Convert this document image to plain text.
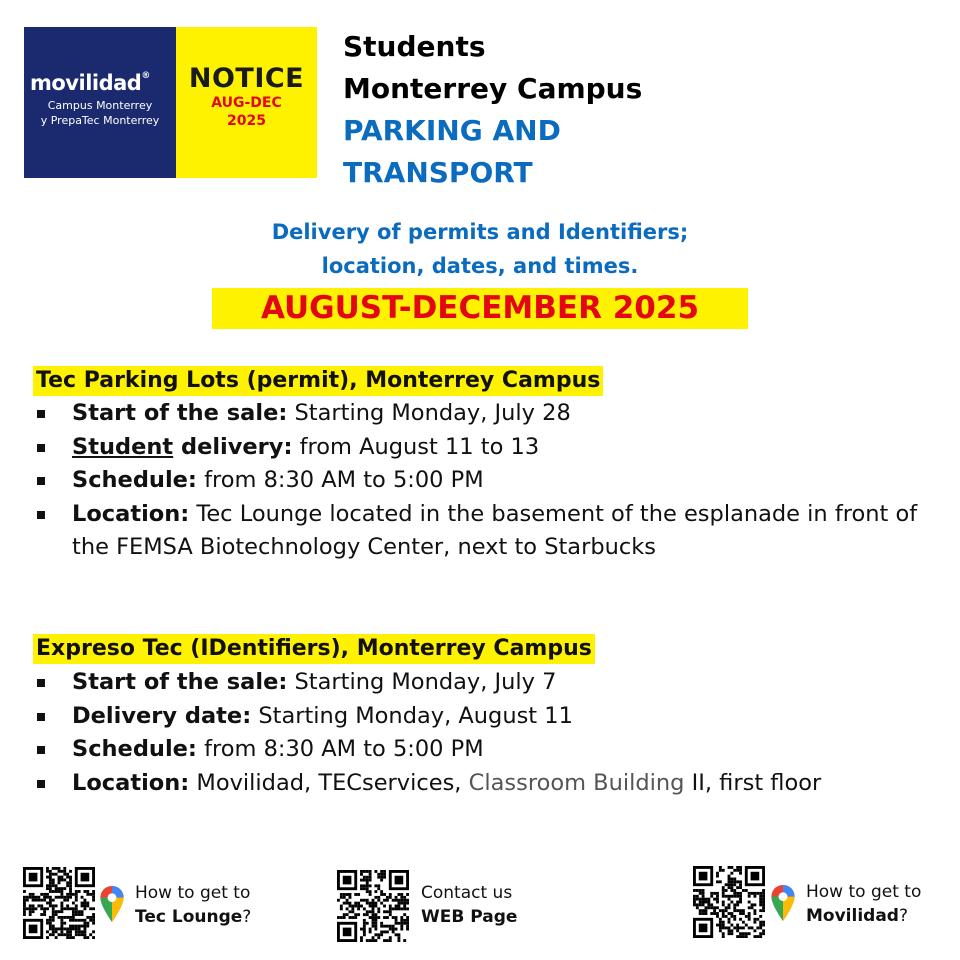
movilidad®
Campus Monterrey
y PrepaTec Monterrey
NOTICE
AUG-DEC
2025
Students
Monterrey Campus
PARKING AND
TRANSPORT
Delivery of permits and Identifiers;
location, dates, and times.
AUGUST-DECEMBER 2025
Tec Parking Lots (permit), Monterrey Campus
Start of the sale: Starting Monday, July 28
Student delivery: from August 11 to 13
Schedule: from 8:30 AM to 5:00 PM
Location: Tec Lounge located in the basement of the esplanade in front of the FEMSA Biotechnology Center, next to Starbucks
Expreso Tec (IDentifiers), Monterrey Campus
Start of the sale: Starting Monday, July 7
Delivery date: Starting Monday, August 11
Schedule: from 8:30 AM to 5:00 PM
Location: Movilidad, TECservices, Classroom Building II, first floor
How to get to
Tec Lounge?
Contact us
WEB Page
How to get to
Movilidad?
